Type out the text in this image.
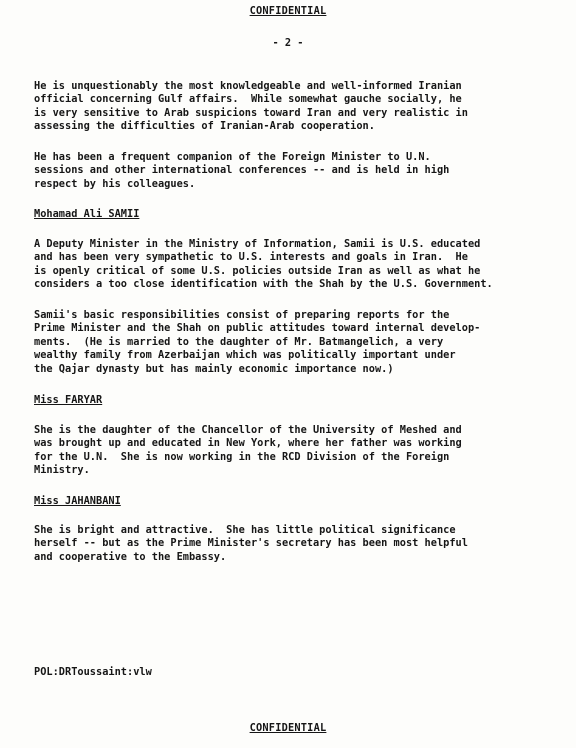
CONFIDENTIAL
- 2 -

He is unquestionably the most knowledgeable and well-informed Iranian
official concerning Gulf affairs.  While somewhat gauche socially, he
is very sensitive to Arab suspicions toward Iran and very realistic in
assessing the difficulties of Iranian-Arab cooperation.

He has been a frequent companion of the Foreign Minister to U.N.
sessions and other international conferences -- and is held in high
respect by his colleagues.

Mohamad Ali SAMII

A Deputy Minister in the Ministry of Information, Samii is U.S. educated
and has been very sympathetic to U.S. interests and goals in Iran.  He
is openly critical of some U.S. policies outside Iran as well as what he
considers a too close identification with the Shah by the U.S. Government.

Samii's basic responsibilities consist of preparing reports for the
Prime Minister and the Shah on public attitudes toward internal develop-
ments.  (He is married to the daughter of Mr. Batmangelich, a very
wealthy family from Azerbaijan which was politically important under
the Qajar dynasty but has mainly economic importance now.)

Miss FARYAR

She is the daughter of the Chancellor of the University of Meshed and
was brought up and educated in New York, where her father was working
for the U.N.  She is now working in the RCD Division of the Foreign
Ministry.

Miss JAHANBANI

She is bright and attractive.  She has little political significance
herself -- but as the Prime Minister's secretary has been most helpful
and cooperative to the Embassy.

POL:DRToussaint:vlw

CONFIDENTIAL
